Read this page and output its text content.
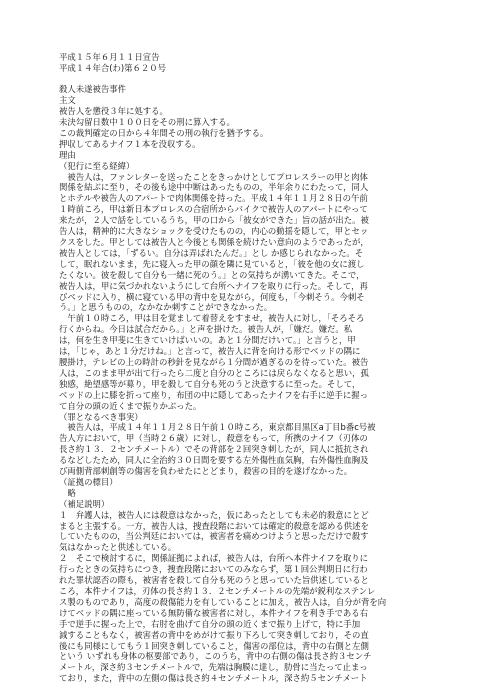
平成１５年６月１１日宣告
平成１４年合(わ)第６２０号
殺人未遂被告事件
主文
被告人を懲役３年に処する。
未決勾留日数中１００日をその刑に算入する。
この裁判確定の日から４年間その刑の執行を猶予する。
押収してあるナイフ１本を没収する。
理由
（犯行に至る経緯）
　被告人は，ファンレターを送ったことをきっかけとしてプロレスラーの甲と肉体
関係を結ぶに至り，その後も途中中断はあったものの，半年余りにわたって，同人
とホテルや被告人のアパートで肉体関係を持った。平成１４年１１月２８日の午前
１時前ころ，甲は新日本プロレスの合宿所からバイクで被告人のアパートにやって
来たが，２人で話をしているうち，甲の口から「彼女ができた」旨の話が出た。被
告人は，精神的に大きなショックを受けたものの，内心の動揺を隠して，甲とセッ
クスをした。甲としては被告人と今後とも関係を続けたい意向のようであったが，
被告人としては，「ずるい。自分は弄ばれたんだ。」とし か感じられなかった。そ
して，眠れないまま，先に寝入った甲の顔を隣に見ていると，「彼を他の女に渡し
たくない。彼を殺して自分も一緒に死のう。」との気持ちが湧いてきた。そこで，
被告人は，甲に気づかれないようにして台所へナイフを取りに行った。そして，再
びベッドに入り，横に寝ている甲の背中を見ながら，何度も，「今刺そう。今刺そ
う。」と思うものの，なかなか刺すことができなかった。
　午前１０時ころ，甲は目を覚まして着替えをすませ，被告人に対し，「そろそろ
行くからね。今日は試合だから。」と声を掛けた。被告人が，「嫌だ。嫌だ。私
は，何を生き甲斐に生きていけばいいの。あと１分間だけいて。」と言うと，甲
は，「じゃ，あと１分だけね。」と言って，被告人に背を向ける形でベッドの隅に
腰掛け，テレビの上の時計の秒針を見ながら１分間が過ぎるのを待っていた。被告
人は，このまま甲が出て行ったら二度と自分のところには戻らなくなると思い，孤
独感，絶望感等が募り，甲を殺して自分も死のうと決意するに至った。そして，
ベッドの上に膝を折って座り，布団の中に隠してあったナイフを右手に逆手に握っ
て自分の頭の近くまで振りかぶった。
（罪となるべき事実）
　被告人は，平成１４年１１月２８日午前１０時ころ，東京都目黒区a丁目b番c号被
告人方において，甲（当時２６歳）に対し，殺意をもって，所携のナイフ（刃体の
長さ約１３．２センチメートル）でその背部を２回突き刺したが，同人に抵抗され
るなどしたため，同人に全治約３０日間を要する左外傷性血気胸，右外傷性血胸及
び両側背部刺創等の傷害を負わせたにとどまり，殺害の目的を遂げなかった。
（証拠の標目）
　略
（補足説明）
１　弁護人は，被告人には殺意はなかった，仮にあったとしても未必的殺意にとど
まると主張する。一方，被告人は，捜査段階においては確定的殺意を認める供述を
していたものの，当公判廷においては，被害者を痛めつけようと思っただけで殺す
気はなかったと供述している。
２　そこで検討するに，関係証拠によれば，被告人は，台所へ本件ナイフを取りに
行ったときの気持ちにつき，捜査段階においてのみならず，第１回公判期日に行わ
れた罪状認否の際も，被害者を殺して自分も死のうと思っていた旨供述していると
ころ，本件ナイフは，刃体の長さ約１３．２センチメートルの先端が鋭利なステンレ
ス製のものであり，高度の殺傷能力を有していることに加え，被告人は，自分が背を向
けてベッドの隅に座っている無防備な被害者に対し，本件ナイフを利き手である右
手で逆手に握った上で，右肘を曲げて自分の頭の近くまで振り上げて，特に手加
減することもなく，被害者の背中をめがけて振り下ろして突き刺しており，その直
後にも同様にしてもう１回突き刺していること，傷害の部位は，背中の右側と左側
という いずれも身体の枢要部であり，このうち，背中の右側の傷は長さ約３センチ
メートル，深さ約３センチメートルで，先端は胸膜に達し，肋骨に当たって止まっ
ており，また，背中の左側の傷は長さ約４センチメートル，深さ約５センチメート
